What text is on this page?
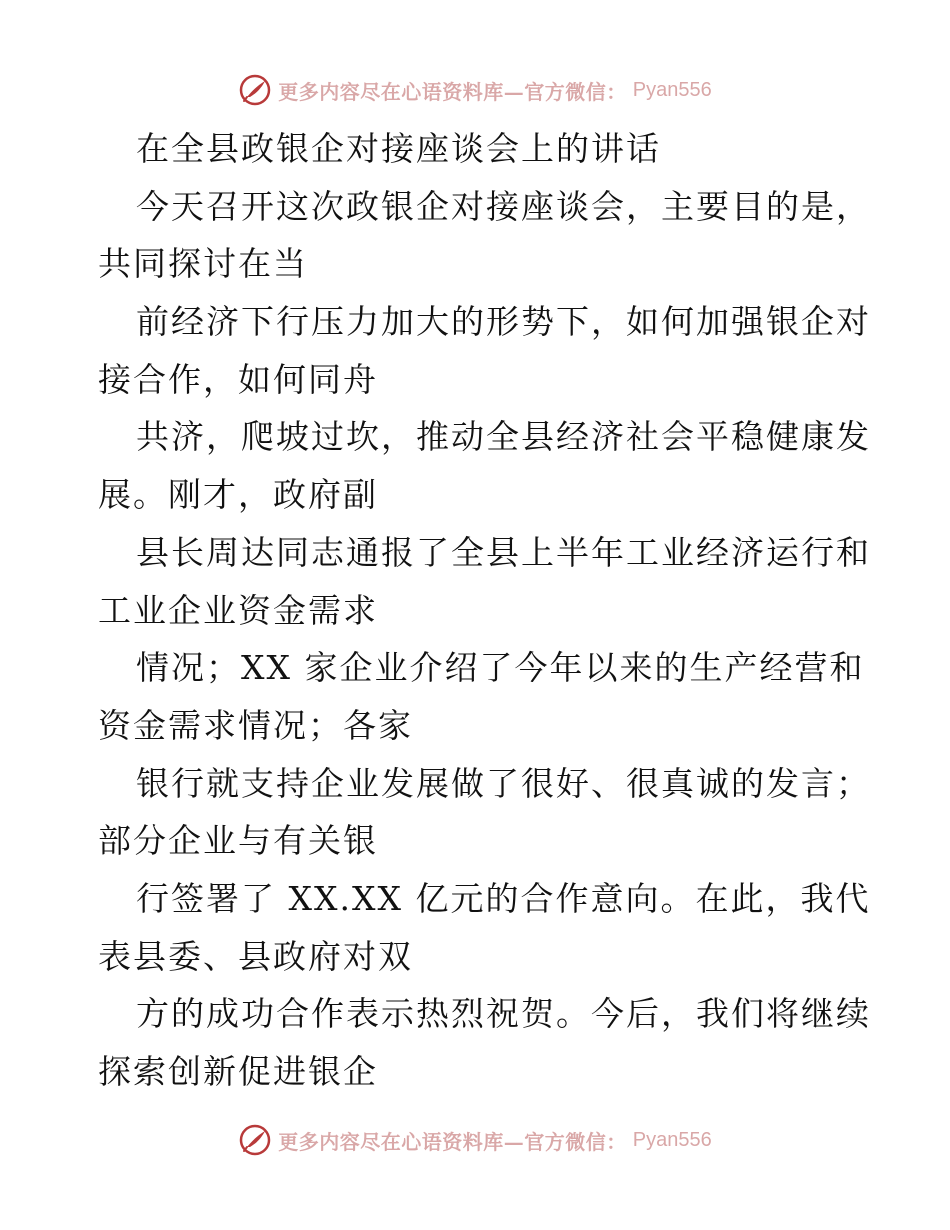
更多内容尽在心语资料库—官方微信： Pyan556
在全县政银企对接座谈会上的讲话
今天召开这次政银企对接座谈会，主要目的是，
共同探讨在当
前经济下行压力加大的形势下，如何加强银企对
接合作，如何同舟
共济，爬坡过坎，推动全县经济社会平稳健康发
展。刚才，政府副
县长周达同志通报了全县上半年工业经济运行和
工业企业资金需求
情况；XX 家企业介绍了今年以来的生产经营和
资金需求情况；各家
银行就支持企业发展做了很好、很真诚的发言；
部分企业与有关银
行签署了 XX.XX 亿元的合作意向。在此，我代
表县委、县政府对双
方的成功合作表示热烈祝贺。今后，我们将继续
探索创新促进银企
更多内容尽在心语资料库—官方微信： Pyan556
